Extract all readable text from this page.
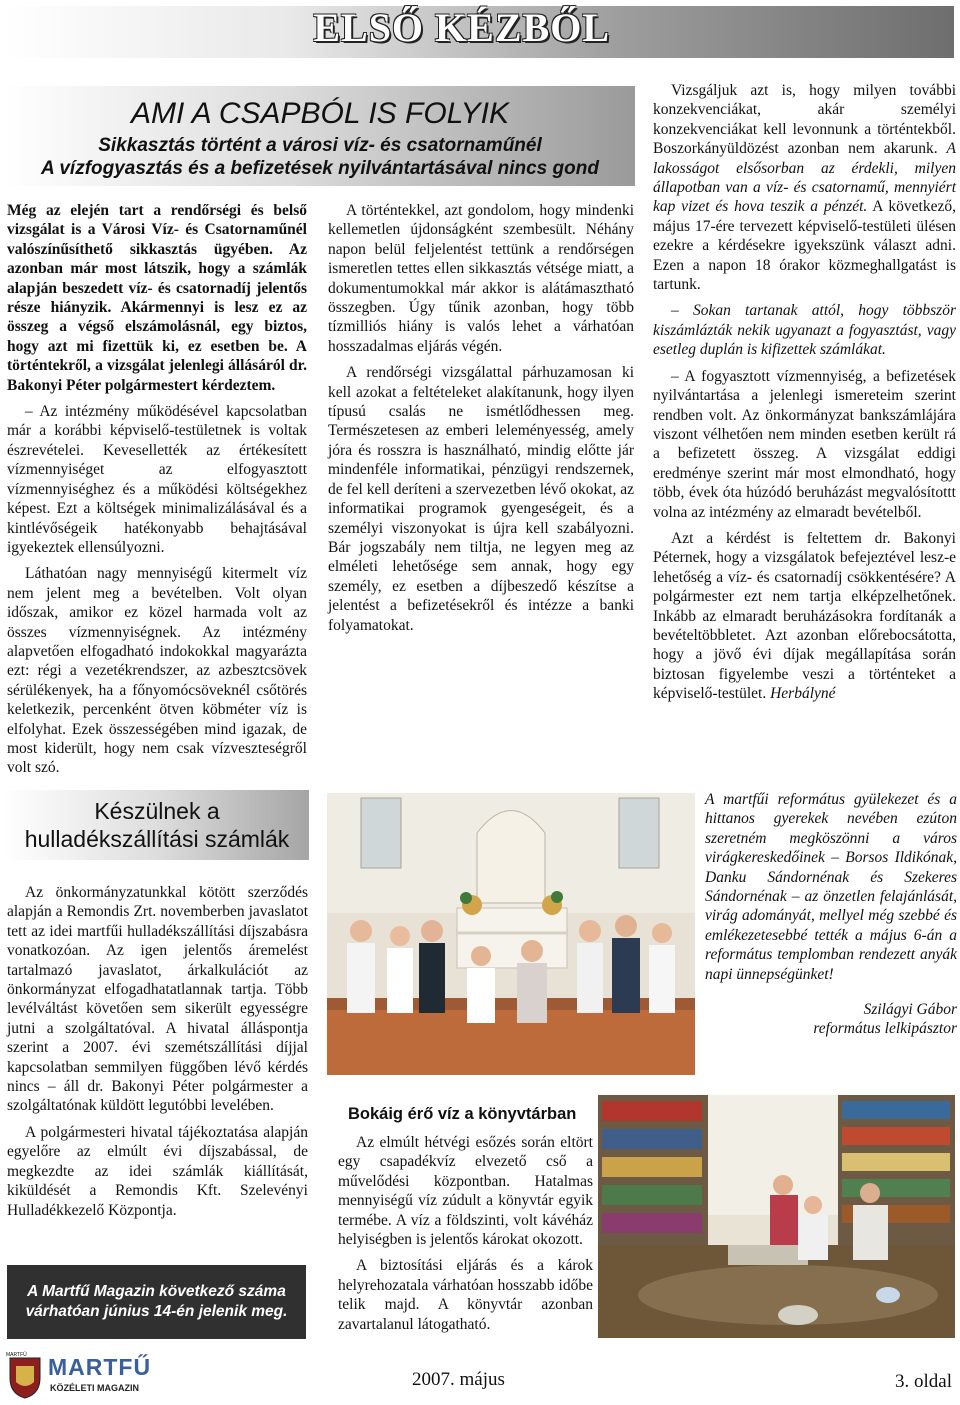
ELSŐ KÉZBŐL
AMI A CSAPBÓL IS FOLYIK
Sikkasztás történt a városi víz- és csatornaműnél
A vízfogyasztás és a befizetések nyilvántartásával nincs gond

Még az elején tart a rendőrségi és belső vizsgálat is a Városi Víz- és Csatornaműnél valószínűsíthető sikkasztás ügyében. Az azonban már most látszik, hogy a számlák alapján beszedett víz- és csatornadíj jelentős része hiányzik. Akármennyi is lesz ez az összeg a végső elszámolásnál, egy biztos, hogy azt mi fizettük ki, ez esetben be. A történtekről, a vizsgálat jelenlegi állásáról dr. Bakonyi Péter polgármestert kérdeztem.

– Az intézmény működésével kapcsolatban már a korábbi képviselő-testületnek is voltak észrevételei. Kevesellették az értékesített vízmennyiséget az elfogyasztott vízmennyiséghez és a működési költségekhez képest. Ezt a költségek minimalizálásával és a kintlévőségeik hatékonyabb behajtásával igyekeztek ellensúlyozni.

Láthatóan nagy mennyiségű kitermelt víz nem jelent meg a bevételben. Volt olyan időszak, amikor ez közel harmada volt az összes vízmennyiségnek. Az intézmény alapvetően elfogadható indokokkal magyarázta ezt: régi a vezetékrendszer, az azbesztcsövek sérülékenyek, ha a főnyomócsöveknél csőtörés keletkezik, percenként ötven köbméter víz is elfolyhat. Ezek összességében mind igazak, de most kiderült, hogy nem csak vízveszteségről volt szó.

A történtekkel, azt gondolom, hogy mindenki kellemetlen újdonságként szembesült. Néhány napon belül feljelentést tettünk a rendőrségen ismeretlen tettes ellen sikkasztás vétsége miatt, a dokumentumokkal már akkor is alátámasztható összegben. Úgy tűnik azonban, hogy több tízmilliós hiány is valós lehet a várhatóan hosszadalmas eljárás végén.

A rendőrségi vizsgálattal párhuzamosan ki kell azokat a feltételeket alakítanunk, hogy ilyen típusú csalás ne ismétlődhessen meg. Természetesen az emberi leleményesség, amely jóra és rosszra is használható, mindig előtte jár mindenféle informatikai, pénzügyi rendszernek, de fel kell deríteni a szervezetben lévő okokat, az informatikai programok gyengeségeit, és a személyi viszonyokat is újra kell szabályozni. Bár jogszabály nem tiltja, ne legyen meg az elméleti lehetősége sem annak, hogy egy személy, ez esetben a díjbeszedő készítse a jelentést a befizetésekről és intézze a banki folyamatokat.

Vizsgáljuk azt is, hogy milyen további konzekvenciákat, akár személyi konzekvenciákat kell levonnunk a történtekből. Boszorkányüldözést azonban nem akarunk. A lakosságot elsősorban az érdekli, milyen állapotban van a víz- és csatornamű, mennyiért kap vizet és hova teszik a pénzét. A következő, május 17-ére tervezett képviselő-testületi ülésen ezekre a kérdésekre igyekszünk választ adni. Ezen a napon 18 órakor közmeghallgatást is tartunk.

– Sokan tartanak attól, hogy többször kiszámlázták nekik ugyanazt a fogyasztást, vagy esetleg duplán is kifizettek számlákat.

– A fogyasztott vízmennyiség, a befizetések nyilvántartása a jelenlegi ismereteim szerint rendben volt. Az önkormányzat bankszámlájára viszont vélhetően nem minden esetben került rá a befizetett összeg. A vizsgálat eddigi eredménye szerint már most elmondható, hogy több, évek óta húzódó beruházást megvalósítottt volna az intézmény az elmaradt bevételből.

Azt a kérdést is feltettem dr. Bakonyi Péternek, hogy a vizsgálatok befejeztével lesz-e lehetőség a víz- és csatornadíj csökkentésére? A polgármester ezt nem tartja elképzelhetőnek. Inkább az elmaradt beruházásokra fordítanák a bevételtöbbletet. Azt azonban előrebocsátotta, hogy a jövő évi díjak megállapítása során biztosan figyelembe veszi a történteket a képviselő-testület. Herbályné

Készülnek a hulladékszállítási számlák

Az önkormányzatunkkal kötött szerződés alapján a Remondis Zrt. novemberben javaslatot tett az idei martfűi hulladékszállítási díjszabásra vonatkozóan. Az igen jelentős áremelést tartalmazó javaslatot, árkalkulációt az önkormányzat elfogadhatatlannak tartja. Több levélváltást követően sem sikerült egyességre jutni a szolgáltatóval. A hivatal álláspontja szerint a 2007. évi szemétszállítási díjjal kapcsolatban semmilyen függőben lévő kérdés nincs – áll dr. Bakonyi Péter polgármester a szolgáltatónak küldött legutóbbi levelében.

A polgármesteri hivatal tájékoztatása alapján egyelőre az elmúlt évi díjszabással, de megkezdte az idei számlák kiállítását, kiküldését a Remondis Kft. Szelevényi Hulladékkezelő Központja.

A Martfű Magazin következő száma
várhatóan június 14-én jelenik meg.
A martfűi református gyülekezet és a hittanos gyerekek nevében ezúton szeretném megköszönni a város virágkereskedőinek – Borsos Ildikónak, Danku Sándornénak és Szekeres Sándornénak – az önzetlen felajánlását, virág adományát, mellyel még szebbé és emlékezetesebbé tették a május 6-án a református templomban rendezett anyák napi ünnepségünket!
Szilágyi Gábor
református lelkipásztor
Bokáig érő víz a könyvtárban

Az elmúlt hétvégi esőzés során eltört egy csapadékvíz elvezető cső a művelődési központban. Hatalmas mennyiségű víz zúdult a könyvtár egyik termébe. A víz a földszinti, volt kávéház helyiségben is jelentős károkat okozott.

A biztosítási eljárás és a károk helyrehozatala várhatóan hosszabb időbe telik majd. A könyvtár azonban zavartalanul látogatható.

MARTFŰ MARTFŰ
KÖZÉLETI MAGAZIN	2007. május	3. oldal
